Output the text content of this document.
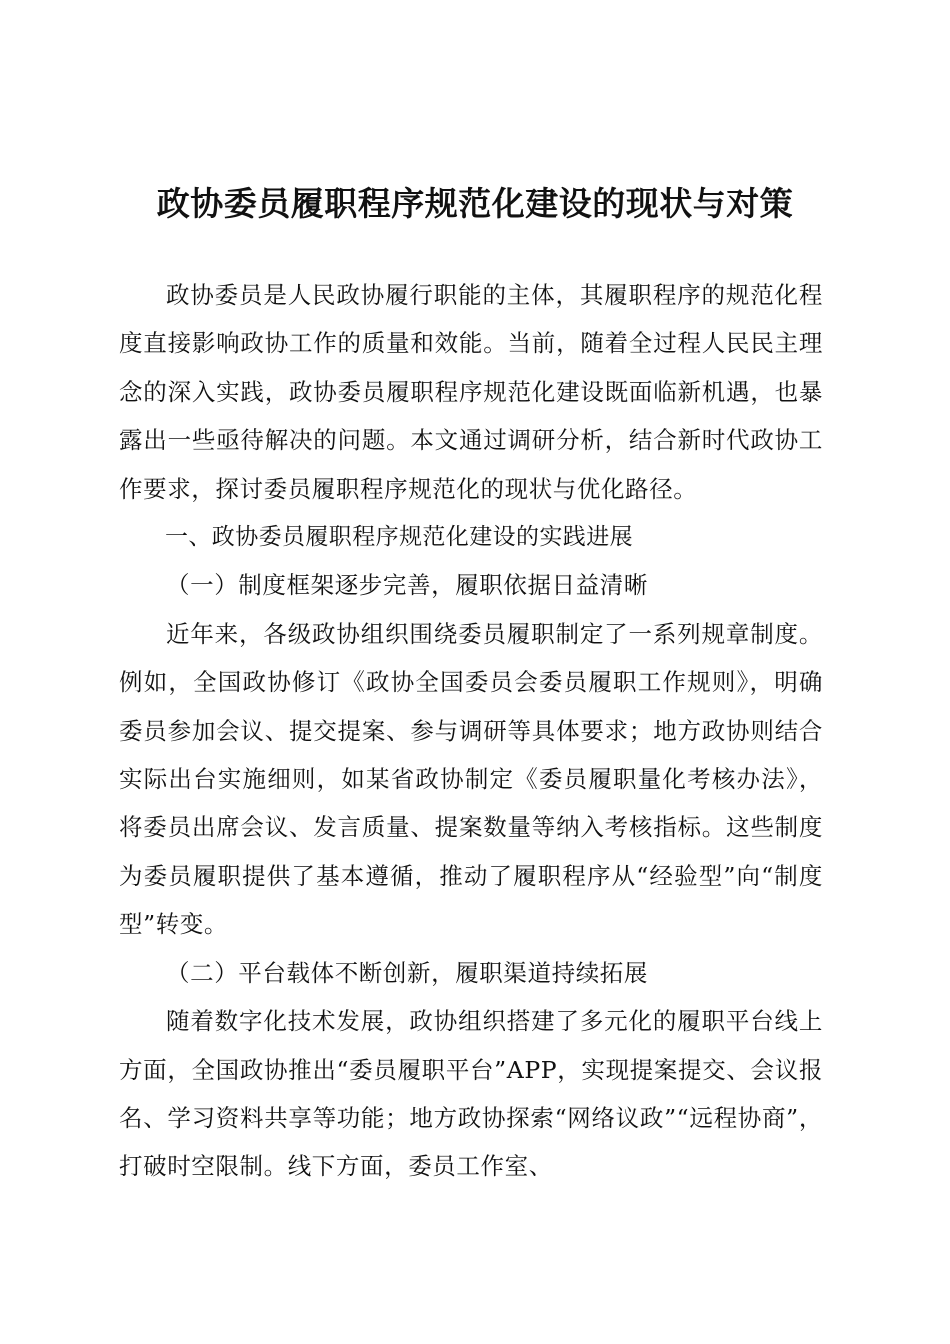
政协委员履职程序规范化建设的现状与对策

政协委员是人民政协履行职能的主体，其履职程序的规范化程度直接影响政协工作的质量和效能。当前，随着全过程人民民主理念的深入实践，政协委员履职程序规范化建设既面临新机遇，也暴露出一些亟待解决的问题。本文通过调研分析，结合新时代政协工作要求，探讨委员履职程序规范化的现状与优化路径。

一、政协委员履职程序规范化建设的实践进展

（一）制度框架逐步完善，履职依据日益清晰

近年来，各级政协组织围绕委员履职制定了一系列规章制度。例如，全国政协修订《政协全国委员会委员履职工作规则》，明确委员参加会议、提交提案、参与调研等具体要求；地方政协则结合实际出台实施细则，如某省政协制定《委员履职量化考核办法》，将委员出席会议、发言质量、提案数量等纳入考核指标。这些制度为委员履职提供了基本遵循，推动了履职程序从“经验型”向“制度型”转变。

（二）平台载体不断创新，履职渠道持续拓展

随着数字化技术发展，政协组织搭建了多元化的履职平台线上方面，全国政协推出“委员履职平台”APP，实现提案提交、会议报名、学习资料共享等功能；地方政协探索“网络议政”“远程协商”，打破时空限制。线下方面，委员工作室、
